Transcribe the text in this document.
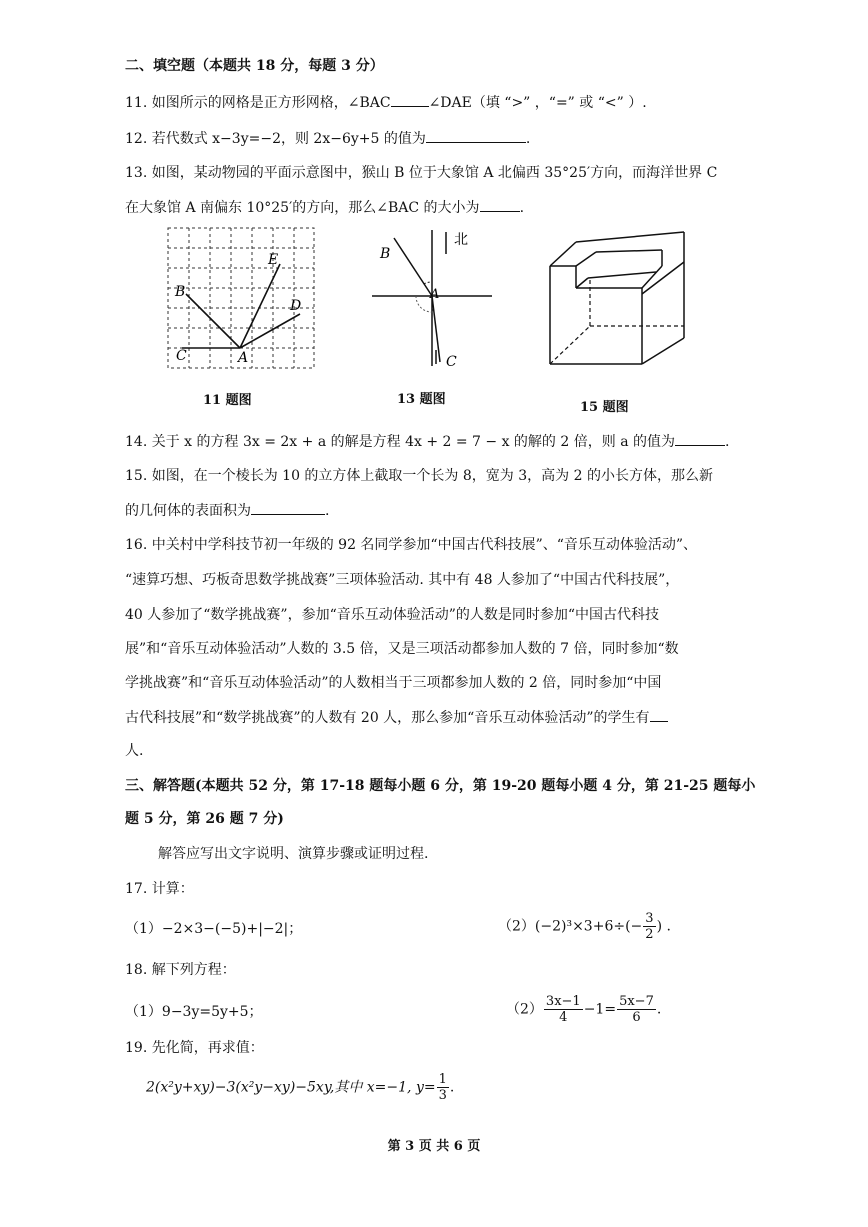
二、填空题（本题共 18 分，每题 3 分）
11. 如图所示的网格是正方形网格，∠BAC	∠DAE（填 “>” ，“=” 或 “<” ）.
12. 若代数式 x−3y=−2，则 2x−6y+5 的值为	.
13. 如图，某动物园的平面示意图中，猴山 B 位于大象馆 A 北偏西 35°25′方向，而海洋世界 C
在大象馆 A 南偏东 10°25′的方向，那么∠BAC 的大小为	.
B
C	A
E
D
11 题图
B
A
C
北
13 题图
15 题图
14. 关于 x 的方程 3x = 2x + a 的解是方程 4x + 2 = 7 − x 的解的 2 倍，则 a 的值为	.
15. 如图，在一个棱长为 10 的立方体上截取一个长为 8，宽为 3，高为 2 的小长方体，那么新
的几何体的表面积为	.
16. 中关村中学科技节初一年级的 92 名同学参加“中国古代科技展”、“音乐互动体验活动”、
“速算巧想、巧板奇思数学挑战赛”三项体验活动. 其中有 48 人参加了“中国古代科技展”，
40 人参加了“数学挑战赛”，参加“音乐互动体验活动”的人数是同时参加“中国古代科技
展”和“音乐互动体验活动”人数的 3.5 倍，又是三项活动都参加人数的 7 倍，同时参加“数
学挑战赛”和“音乐互动体验活动”的人数相当于三项都参加人数的 2 倍，同时参加“中国
古代科技展”和“数学挑战赛”的人数有 20 人，那么参加“音乐互动体验活动”的学生有
人.
三、解答题(本题共 52 分，第 17-18 题每小题 6 分，第 19-20 题每小题 4 分，第 21-25 题每小
题 5 分，第 26 题 7 分)
解答应写出文字说明、演算步骤或证明过程.
17. 计算：
（1）−2×3−(−5)+|−2|；	$(2)(-2)^3\times 3+6\div(- \frac{3}{2}$ ) .
18. 解下列方程：
（1）9−3y=5y+5；	$(2) \frac{3x-1}{4} -1= \frac{5x-7}{6}$ .
19. 先化简，再求值：
2(x²y+xy)−3(x²y−xy)−5xy,其中 x=−1, $y= \frac{1}{3}$ .
第 3 页 共 6 页
